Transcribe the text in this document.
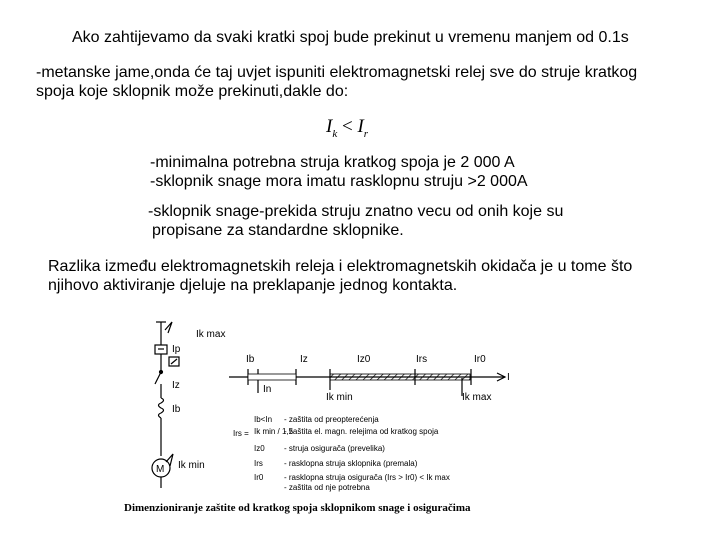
Ako zahtijevamo da svaki kratki spoj bude prekinut u vremenu manjem od 0.1s
-metanske jame,onda će taj uvjet ispuniti elektromagnetski relej sve do struje kratkog
spoja koje sklopnik može prekinuti,dakle do:
$I_k < I_r$
-minimalna potrebna struja kratkog spoja je 2 000 A
-sklopnik snage mora imatu rasklopnu struju >2 000A
-sklopnik snage-prekida struju znatno vecu od onih koje su
propisane za standardne sklopnike.
Razlika između elektromagnetskih releja i elektromagnetskih okidača je u tome što
njihovo aktiviranje djeluje na preklapanje jednog kontakta.
Ik max
Ip
Iz
Ib
Ik min
M
Ib	Iz	Iz0	Irs	Ir0
I
In
Ik min	Ik max
Irs =
Ib<In - zaštita od preopterećenja
Ik min / 1,5
- zaštita el. magn. relejima od kratkog spoja
Iz0 - struja osigurača (prevelika)
Irs	- rasklopna struja sklopnika (premala)
Ir0	- rasklopna struja osigurača (Irs > Ir0) < Ik max
- zaštita od nje potrebna
Dimenzioniranje zaštite od kratkog spoja sklopnikom snage i osiguračima
